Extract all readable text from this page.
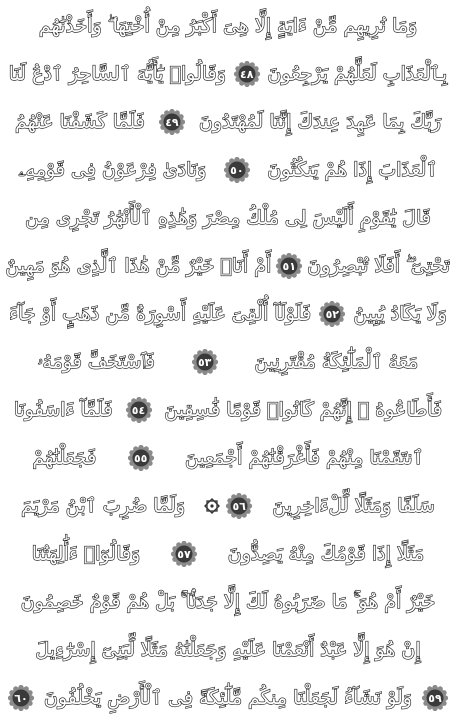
وَمَا نُرِيهِم مِّنْ ءَايَةٍ إِلَّا هِىَ أَكْبَرُ مِنْ أُخْتِهَا ۖ وَأَخَذْنَٰهُم
بِٱلْعَذَابِ لَعَلَّهُمْ يَرْجِعُونَ
٤٨
وَقَالُوا۟ يَٰٓأَيُّهَ ٱلسَّاحِرُ ٱدْعُ لَنَا
رَبَّكَ بِمَا عَهِدَ عِندَكَ إِنَّنَا لَمُهْتَدُونَ
٤٩
فَلَمَّا كَشَفْنَا عَنْهُمُ
ٱلْعَذَابَ إِذَا هُمْ يَنكُثُونَ
٥٠
وَنَادَىٰ فِرْعَوْنُ فِى قَوْمِهِۦ
قَالَ يَٰقَوْمِ أَلَيْسَ لِى مُلْكُ مِصْرَ وَهَٰذِهِ ٱلْأَنْهَٰرُ تَجْرِى مِن
تَحْتِىٓ ۖ أَفَلَا تُبْصِرُونَ
٥١
أَمْ أَنَا۠ خَيْرٌ مِّنْ هَٰذَا ٱلَّذِى هُوَ مَهِينٌ
وَلَا يَكَادُ يُبِينُ
٥٢
فَلَوْلَآ أُلْقِىَ عَلَيْهِ أَسْوِرَةٌ مِّن ذَهَبٍ أَوْ جَآءَ
مَعَهُ ٱلْمَلَٰٓئِكَةُ مُقْتَرِنِينَ
٥٣
فَٱسْتَخَفَّ قَوْمَهُۥ
فَأَطَاعُوهُ ۚ إِنَّهُمْ كَانُوا۟ قَوْمًا فَٰسِقِينَ
٥٤
فَلَمَّآ ءَاسَفُونَا
ٱنتَقَمْنَا مِنْهُمْ فَأَغْرَقْنَٰهُمْ أَجْمَعِينَ
٥٥
فَجَعَلْنَٰهُمْ
سَلَفًا وَمَثَلًا لِّلْءَاخِرِينَ
٥٦
وَلَمَّا ضُرِبَ ٱبْنُ مَرْيَمَ
مَثَلًا إِذَا قَوْمُكَ مِنْهُ يَصِدُّونَ
٥٧
وَقَالُوٓا۟ ءَأَٰلِهَتُنَا
خَيْرٌ أَمْ هُوَ ۚ مَا ضَرَبُوهُ لَكَ إِلَّا جَدَلًۢا ۚ بَلْ هُمْ قَوْمٌ خَصِمُونَ
إِنْ هُوَ إِلَّا عَبْدٌ أَنْعَمْنَا عَلَيْهِ وَجَعَلْنَٰهُ مَثَلًا لِّبَنِىٓ إِسْرَٰٓءِيلَ
٥٩
وَلَوْ نَشَآءُ لَجَعَلْنَا مِنكُم مَّلَٰٓئِكَةً فِى ٱلْأَرْضِ يَخْلُفُونَ
٦٠
